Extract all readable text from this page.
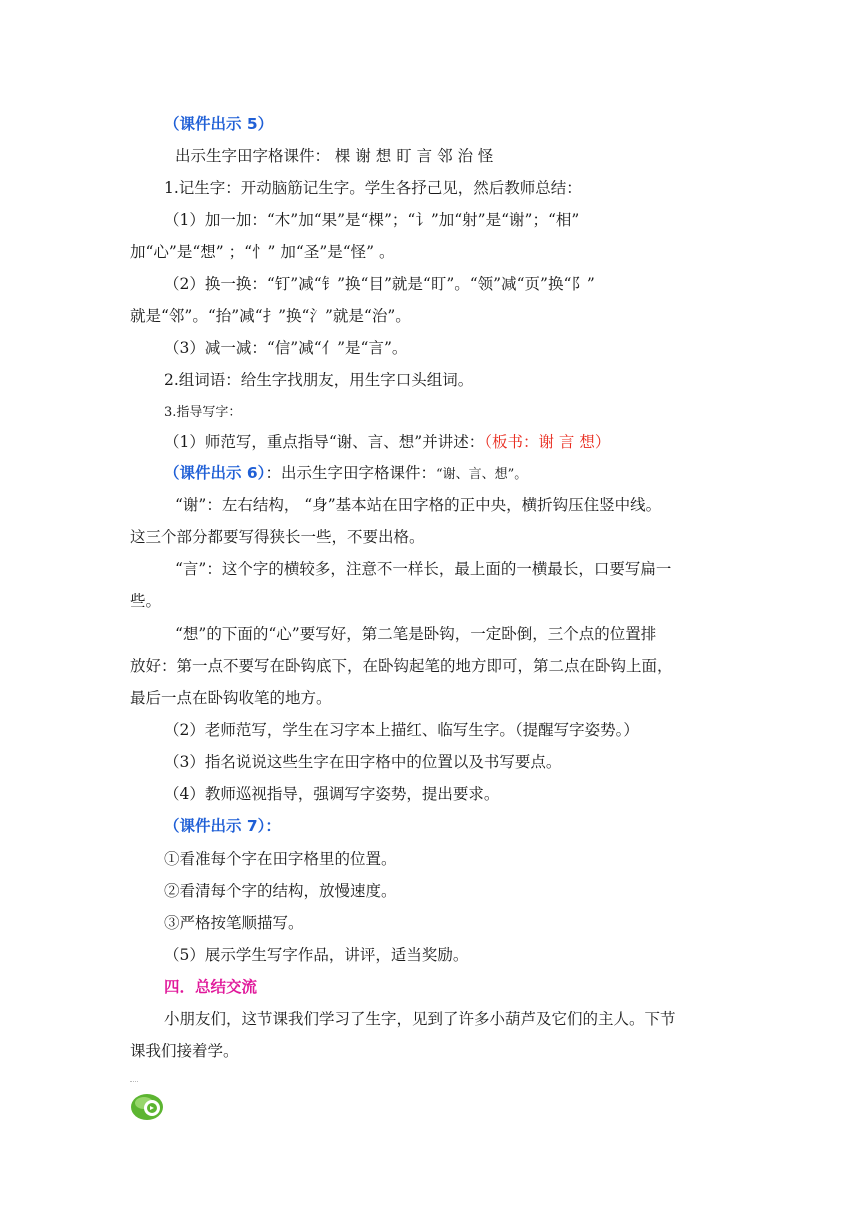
（课件出示 5）
出示生字田字格课件： 棵 谢 想 盯 言 邻 治 怪
1.记生字：开动脑筋记生字。学生各抒己见，然后教师总结：
（1）加一加：“木”加“果”是“棵”；“讠”加“射”是“谢”；“相”
加“心”是“想” ；“忄” 加“圣”是“怪” 。
（2）换一换：“钉”减“钅”换“目”就是“盯”。“领”减“页”换“阝”
就是“邻”。“抬”减“扌”换“氵”就是“治”。
（3）减一减：“信”减“亻”是“言”。
2.组词语：给生字找朋友，用生字口头组词。
3.指导写字：
（1）师范写，重点指导“谢、言、想”并讲述：（板书：谢 言 想）
（课件出示 6）：出示生字田字格课件：“谢、言、想”。
“谢”：左右结构， “身”基本站在田字格的正中央，横折钩压住竖中线。
这三个部分都要写得狭长一些，不要出格。
“言”：这个字的横较多，注意不一样长，最上面的一横最长，口要写扁一
些。
“想”的下面的“心”要写好，第二笔是卧钩，一定卧倒，三个点的位置排
放好：第一点不要写在卧钩底下，在卧钩起笔的地方即可，第二点在卧钩上面，
最后一点在卧钩收笔的地方。
（2）老师范写，学生在习字本上描红、临写生字。（提醒写字姿势。）
（3）指名说说这些生字在田字格中的位置以及书写要点。
（4）教师巡视指导，强调写字姿势，提出要求。
（课件出示 7）：
①看准每个字在田字格里的位置。
②看清每个字的结构，放慢速度。
③严格按笔顺描写。
（5）展示学生写字作品，讲评，适当奖励。
四．总结交流
小朋友们，这节课我们学习了生字，见到了许多小葫芦及它们的主人。下节
课我们接着学。
